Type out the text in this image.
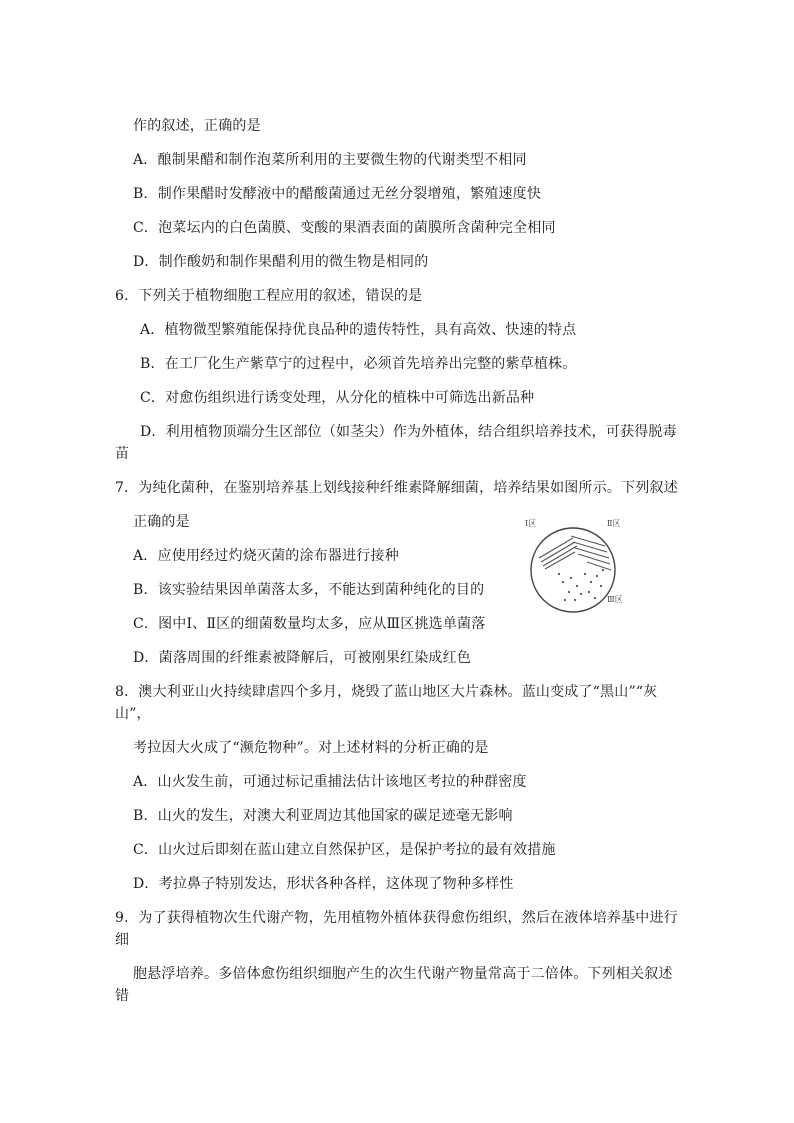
作的叙述，正确的是
A．酿制果醋和制作泡菜所利用的主要微生物的代谢类型不相同
B．制作果醋时发酵液中的醋酸菌通过无丝分裂增殖，繁殖速度快
C．泡菜坛内的白色菌膜、变酸的果酒表面的菌膜所含菌种完全相同
D．制作酸奶和制作果醋利用的微生物是相同的
6．下列关于植物细胞工程应用的叙述，错误的是
A．植物微型繁殖能保持优良品种的遗传特性，具有高效、快速的特点
B．在工厂化生产紫草宁的过程中，必须首先培养出完整的紫草植株。
C．对愈伤组织进行诱变处理，从分化的植株中可筛选出新品种
D．利用植物顶端分生区部位（如茎尖）作为外植体，结合组织培养技术，可获得脱毒
苗
7．为纯化菌种，在鉴别培养基上划线接种纤维素降解细菌，培养结果如图所示。下列叙述
正确的是
A．应使用经过灼烧灭菌的涂布器进行接种
B．该实验结果因单菌落太多，不能达到菌种纯化的目的
C．图中Ⅰ、Ⅱ区的细菌数量均太多，应从Ⅲ区挑选单菌落
D．菌落周围的纤维素被降解后，可被刚果红染成红色
Ⅰ区	Ⅱ区
Ⅲ区
8．澳大利亚山火持续肆虐四个多月，烧毁了蓝山地区大片森林。蓝山变成了“黑山”“灰
山”，
考拉因大火成了“濒危物种”。对上述材料的分析正确的是
A．山火发生前，可通过标记重捕法估计该地区考拉的种群密度
B．山火的发生，对澳大利亚周边其他国家的碳足迹毫无影响
C．山火过后即刻在蓝山建立自然保护区，是保护考拉的最有效措施
D．考拉鼻子特别发达，形状各种各样，这体现了物种多样性
9．为了获得植物次生代谢产物，先用植物外植体获得愈伤组织，然后在液体培养基中进行
细
胞悬浮培养。多倍体愈伤组织细胞产生的次生代谢产物量常高于二倍体。下列相关叙述
错
